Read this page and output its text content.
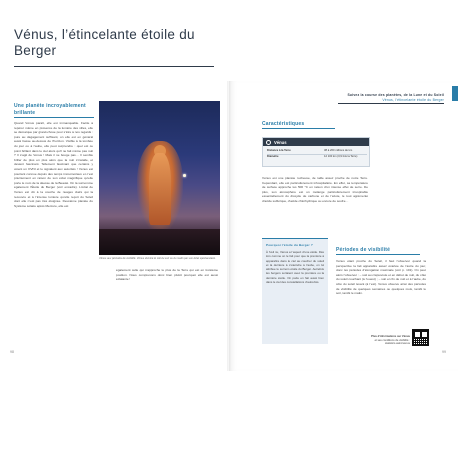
Vénus, l’étincelante étoile du Berger
Une planète incroyablement brillante
Quand Vénus paraît, elle est immanquable. Facile à repérer même en présence de la lumière des villes, elle se démarque par grand-chose pour s’être à nos regards : pure au dégagement suffisant, on elle est en général aussi basse au-dessus de l’horizon. Visible à la tombée du jour ou à l’aube, elle peut surprendre : quel est ce point brillant dans le ciel alors qu’il ne fait même pas nuit ? Il s’agit de Vénus ! Mais il ne bouge pas… Il semble briller de plus en plus alors que la nuit s’installe, et devient fascinant. Tellement fascinant que certains y voient un OVNI et le signalent aux autorités ! Vénus est pourtant connue depuis des temps immémoriaux et c’est précisément en raison de son éclat magnifique qu’elle porte le nom de la déesse de la Beauté. On la surnomme également l’Étoile du Berger (voir encadré). L’éclat de Vénus est dû à la couche de nuages clairs qui la recouvre et à l’intense lumière qu’elle reçoit du Soleil dont elle n’est pas très éloignée. Deuxième planète du Système solaire après Mercure, elle est
Vénus aux périodes de visibilité. Vénus domine le ciel du soir ou du matin par son éclat spectaculaire.
également celle qui s’approche le plus de la Terre qui est en troisième position. Nous comprenons donc bien plutôt pourquoi elle est aussi éclatante !
98
Suivez la course des planètes, de la Lune et du Soleil
Vénus, l’étincelante étoile du Berger
Caractéristiques
Vénus
Distance à la Terre	38 à 260 millions de km
Diamètre	12 100 km (0,9 fois la Terre)
Vénus est une planète rocheuse, de taille assez proche de notre Terre. Cependant, elle est particulièrement inhospitalière. En effet, sa température de surface approche les 500 °C en raison d’un intense effet de serre. De plus, son atmosphère est un mélange particulièrement irrespirable essentiellement du dioxyde de carbone et de l’azote, le tout agrémenté d’acide sulfurique, d’acide chlorhydrique ou encore de soufre…
Pourquoi l’étoile du Berger ?
À l’œil nu, Vénus a l’aspect d’une étoile. Dès lors comme on le fait pour que la première à apparaître dans le ciel au coucher du soleil et la dernière à s’éteindre à l’aube, on lui attribue le surnom étoile du Berger. Autrefois les bergers sortaient avec la première ou la dernière étoile. On parle en fait aussi bien dans le ciel des constellations d’autrefois.
Périodes de visibilité
Vénus étant proche du Soleil, il faut l’observer quand la perspective la fait apparaître assez écartée de l’astre du jour, donc les périodes d’élongation maximale (voir p. 101). On peut alors l’observer : – soit au crépuscule et en début de nuit, du côté du soleil couchant (à l’ouest) ; – soit en fin de nuit et à l’aube, du côté du soleil levant (à l’est). Vénus observe ainsi des périodes de visibilité de quelques semaines ou quelques mois, tantôt le soir, tantôt le matin.
Plus d’informations sur Vénus
et ses conditions de visibilité :
statistics.astro/venus
99
